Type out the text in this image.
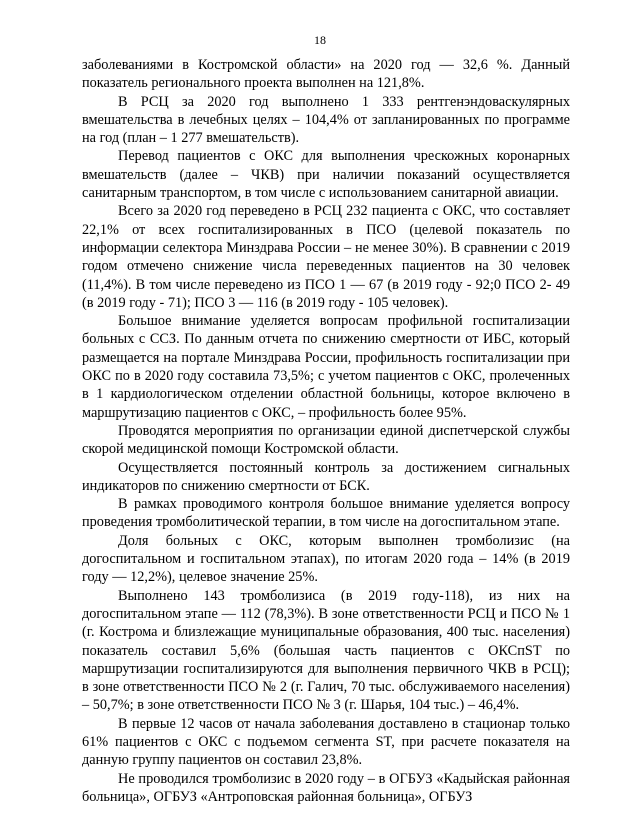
18

заболеваниями в Костромской области» на 2020 год — 32,6 %. Данный показатель регионального проекта выполнен на 121,8%.

В РСЦ за 2020 год выполнено 1 333 рентгенэндоваскулярных вмешательства в лечебных целях – 104,4% от запланированных по программе на год (план – 1 277 вмешательств).

Перевод пациентов с ОКС для выполнения чрескожных коронарных вмешательств (далее – ЧКВ) при наличии показаний осуществляется санитарным транспортом, в том числе с использованием санитарной авиации.

Всего за 2020 год переведено в РСЦ 232 пациента с ОКС, что составляет 22,1% от всех госпитализированных в ПСО (целевой показатель по информации селектора Минздрава России – не менее 30%). В сравнении с 2019 годом отмечено снижение числа переведенных пациентов на 30 человек (11,4%). В том числе переведено из ПСО 1 — 67 (в 2019 году - 92;0 ПСО 2- 49 (в 2019 году - 71); ПСО 3 — 116 (в 2019 году - 105 человек).

Большое внимание уделяется вопросам профильной госпитализации больных с ССЗ. По данным отчета по снижению смертности от ИБС, который размещается на портале Минздрава России, профильность госпитализации при ОКС по в 2020 году составила 73,5%; с учетом пациентов с ОКС, пролеченных в 1 кардиологическом отделении областной больницы, которое включено в маршрутизацию пациентов с ОКС, – профильность более 95%.

Проводятся мероприятия по организации единой диспетчерской службы скорой медицинской помощи Костромской области.

Осуществляется постоянный контроль за достижением сигнальных индикаторов по снижению смертности от БСК.

В рамках проводимого контроля большое внимание уделяется вопросу проведения тромболитической терапии, в том числе на догоспитальном этапе.

Доля больных с ОКС, которым выполнен тромболизис (на догоспитальном и госпитальном этапах), по итогам 2020 года – 14% (в 2019 году — 12,2%), целевое значение 25%.

Выполнено 143 тромболизиса (в 2019 году-118), из них на догоспитальном этапе — 112 (78,3%). В зоне ответственности РСЦ и ПСО № 1 (г. Кострома и близлежащие муниципальные образования, 400 тыс. населения) показатель составил 5,6% (большая часть пациентов с ОКСпST по маршрутизации госпитализируются для выполнения первичного ЧКВ в РСЦ); в зоне ответственности ПСО № 2 (г. Галич, 70 тыс. обслуживаемого населения) – 50,7%; в зоне ответственности ПСО № 3 (г. Шарья, 104 тыс.) – 46,4%.

В первые 12 часов от начала заболевания доставлено в стационар только 61% пациентов с ОКС с подъемом сегмента ST, при расчете показателя на данную группу пациентов он составил 23,8%.

Не проводился тромболизис в 2020 году – в ОГБУЗ «Кадыйская районная больница», ОГБУЗ «Антроповская районная больница», ОГБУЗ
